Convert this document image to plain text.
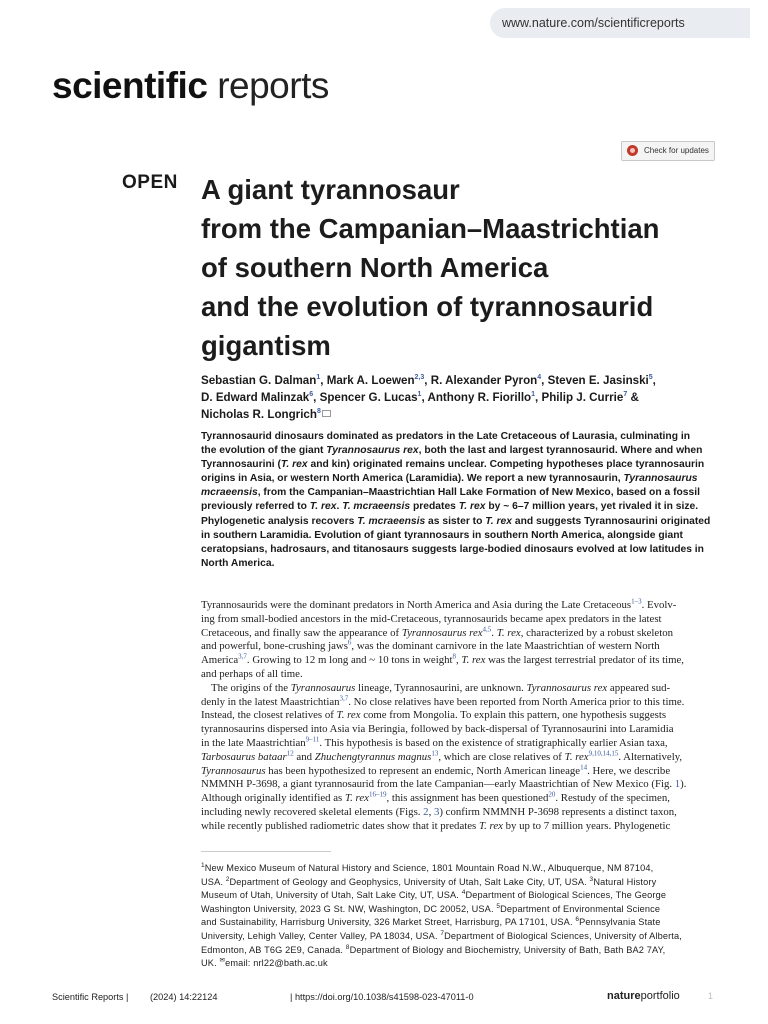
www.nature.com/scientificreports
scientific reports
Check for updates
OPEN A giant tyrannosaur
from the Campanian–Maastrichtian
of southern North America
and the evolution of tyrannosaurid
gigantism
Sebastian G. Dalman$^1$, Mark A. Loewen$^{2,3}$, R. Alexander Pyron$^4$, Steven E. Jasinski$^5$,
D. Edward Malinzak$^6$, Spencer G. Lucas$^1$, Anthony R. Fiorillo$^1$, Philip J. Currie$^7$ &
Nicholas R. Longrich$^8$
Tyrannosaurid dinosaurs dominated as predators in the Late Cretaceous of Laurasia, culminating in
the evolution of the giant Tyrannosaurus rex, both the last and largest tyrannosaurid. Where and when
Tyrannosaurini (T. rex and kin) originated remains unclear. Competing hypotheses place tyrannosaurin
origins in Asia, or western North America (Laramidia). We report a new tyrannosaurin, Tyrannosaurus
mcraeensis, from the Campanian–Maastrichtian Hall Lake Formation of New Mexico, based on a fossil
previously referred to T. rex. T. mcraeensis predates T. rex by ~ 6–7 million years, yet rivaled it in size.
Phylogenetic analysis recovers T. mcraeensis as sister to T. rex and suggests Tyrannosaurini originated
in southern Laramidia. Evolution of giant tyrannosaurs in southern North America, alongside giant
ceratopsians, hadrosaurs, and titanosaurs suggests large-bodied dinosaurs evolved at low latitudes in
North America.
Tyrannosaurids were the dominant predators in North America and Asia during the Late Cretaceous$^{1-3}$. Evolv-
ing from small-bodied ancestors in the mid-Cretaceous, tyrannosaurids became apex predators in the latest
Cretaceous, and finally saw the appearance of Tyrannosaurus rex$^{4,5}$. T. rex, characterized by a robust skeleton
and powerful, bone-crushing jaws$^6$, was the dominant carnivore in the late Maastrichtian of western North
America$^{3,7}$. Growing to 12 m long and ~ 10 tons in weight$^8$, T. rex was the largest terrestrial predator of its time,
and perhaps of all time.
The origins of the Tyrannosaurus lineage, Tyrannosaurini, are unknown. Tyrannosaurus rex appeared sud-
denly in the latest Maastrichtian$^{3,7}$. No close relatives have been reported from North America prior to this time.
Instead, the closest relatives of T. rex come from Mongolia. To explain this pattern, one hypothesis suggests
tyrannosaurins dispersed into Asia via Beringia, followed by back-dispersal of Tyrannosaurini into Laramidia
in the late Maastrichtian$^{9-11}$. This hypothesis is based on the existence of stratigraphically earlier Asian taxa,
Tarbosaurus bataar$^{12}$ and Zhuchengtyrannus magnus$^{13}$, which are close relatives of T. rex$^{9,10,14,15}$. Alternatively,
Tyrannosaurus has been hypothesized to represent an endemic, North American lineage$^{14}$. Here, we describe
NMMNH P-3698, a giant tyrannosaurid from the late Campanian—early Maastrichtian of New Mexico (Fig. 1).
Although originally identified as T. rex$^{16-19}$, this assignment has been questioned$^{20}$. Restudy of the specimen,
including newly recovered skeletal elements (Figs. 2, 3) confirm NMMNH P-3698 represents a distinct taxon,
while recently published radiometric dates show that it predates T. rex by up to 7 million years. Phylogenetic
$^1$New Mexico Museum of Natural History and Science, 1801 Mountain Road N.W., Albuquerque, NM 87104,
USA. $^2$Department of Geology and Geophysics, University of Utah, Salt Lake City, UT, USA. $^3$Natural History
Museum of Utah, University of Utah, Salt Lake City, UT, USA. $^4$Department of Biological Sciences, The George
Washington University, 2023 G St. NW, Washington, DC 20052, USA. $^5$Department of Environmental Science
and Sustainability, Harrisburg University, 326 Market Street, Harrisburg, PA 17101, USA. $^6$Pennsylvania State
University, Lehigh Valley, Center Valley, PA 18034, USA. $^7$Department of Biological Sciences, University of Alberta,
Edmonton, AB T6G 2E9, Canada. $^8$Department of Biology and Biochemistry, University of Bath, Bath BA2 7AY,
UK. ✉email: nrl22@bath.ac.uk
Scientific Reports | (2024) 14:22124	| https://doi.org/10.1038/s41598-023-47011-0	natureportfolio	1
